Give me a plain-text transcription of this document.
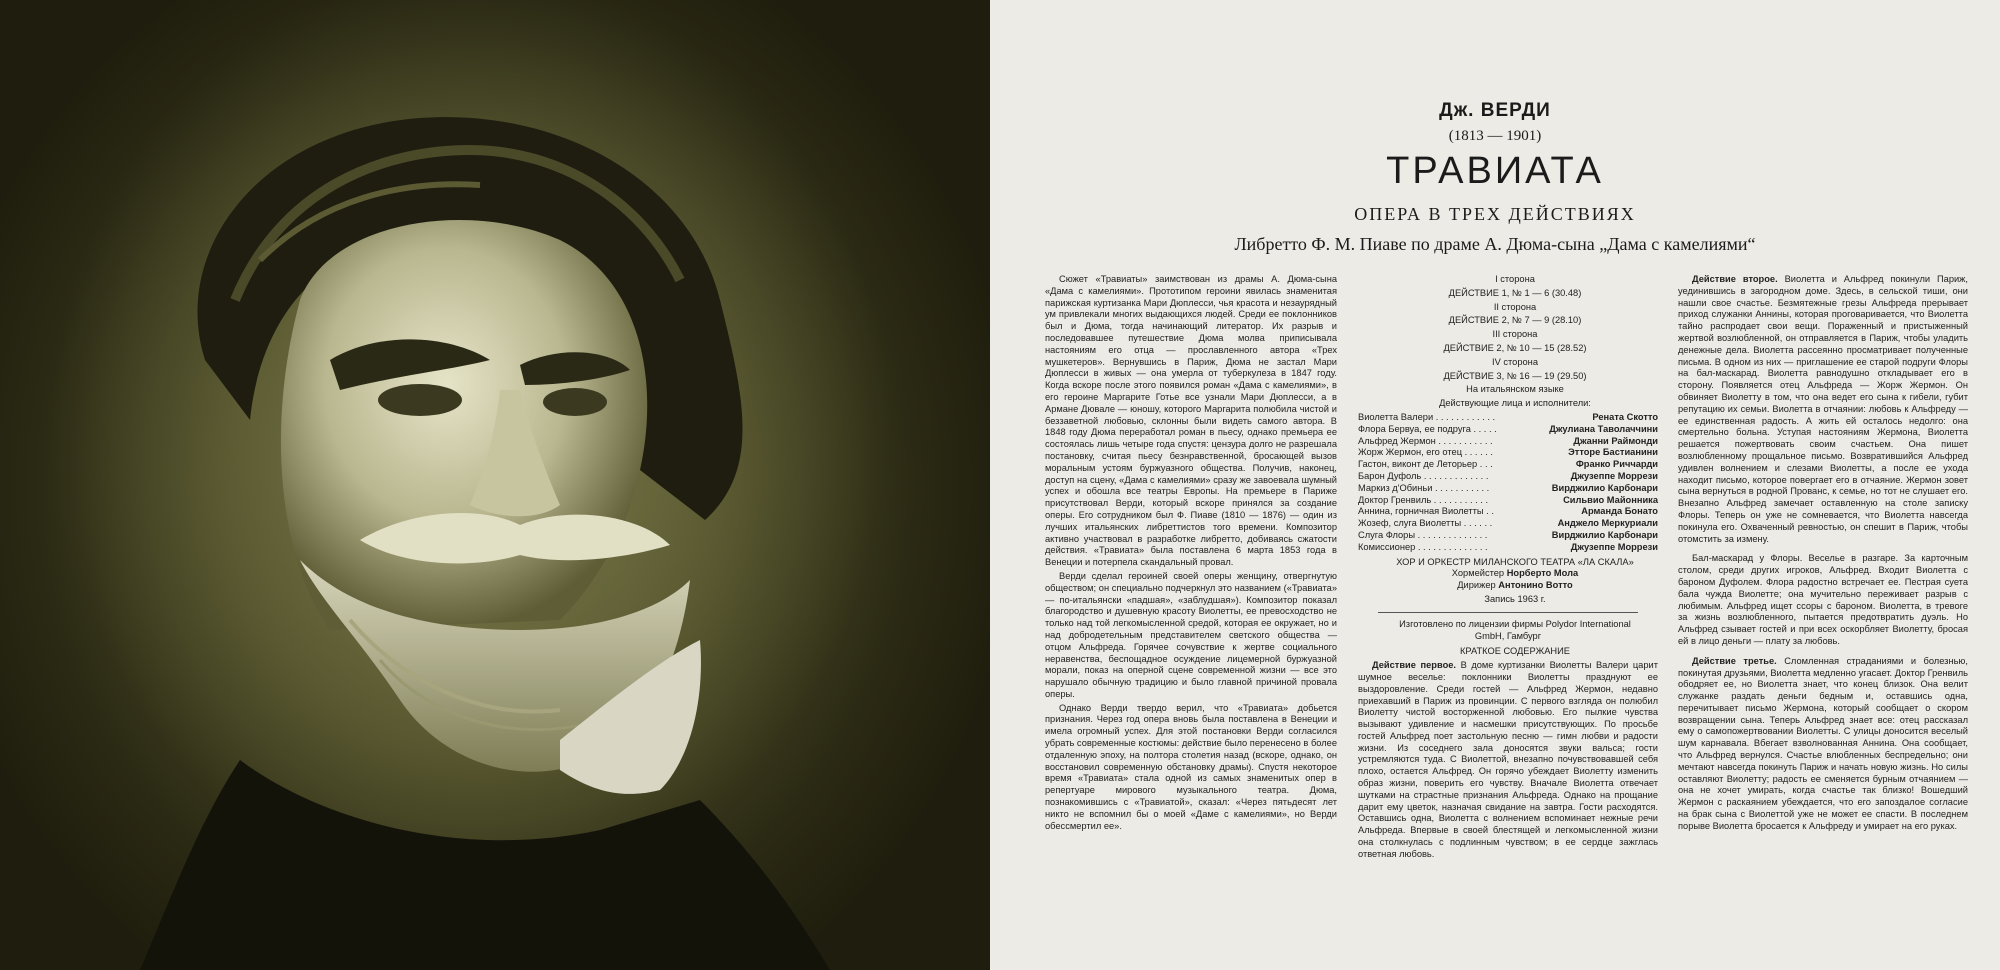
Дж. ВЕРДИ
(1813 — 1901)
ТРАВИАТА
ОПЕРА В ТРЕХ ДЕЙСТВИЯХ
Либретто Ф. М. Пиаве по драме А. Дюма-сына „Дама с камелиями“

Сюжет «Травиаты» заимствован из драмы А. Дюма-сына «Дама с камелиями». Прототипом героини явилась знаменитая парижская куртизанка Мари Дюплесси, чья красота и незаурядный ум привлекали многих выдающихся людей. Среди ее поклонников был и Дюма, тогда начинающий литератор. Их разрыв и последовавшее путешествие Дюма молва приписывала настояниям его отца — прославленного автора «Трех мушкетеров». Вернувшись в Париж, Дюма не застал Мари Дюплесси в живых — она умерла от туберкулеза в 1847 году. Когда вскоре после этого появился роман «Дама с камелиями», в его героине Маргарите Готье все узнали Мари Дюплесси, а в Армане Дювале — юношу, которого Маргарита полюбила чистой и беззаветной любовью, склонны были видеть самого автора. В 1848 году Дюма переработал роман в пьесу, однако премьера ее состоялась лишь четыре года спустя: цензура долго не разрешала постановку, считая пьесу безнравственной, бросающей вызов моральным устоям буржуазного общества. Получив, наконец, доступ на сцену, «Дама с камелиями» сразу же завоевала шумный успех и обошла все театры Европы. На премьере в Париже присутствовал Верди, который вскоре принялся за создание оперы. Его сотрудником был Ф. Пиаве (1810 — 1876) — один из лучших итальянских либреттистов того времени. Композитор активно участвовал в разработке либретто, добиваясь сжатости действия. «Травиата» была поставлена 6 марта 1853 года в Венеции и потерпела скандальный провал.

Верди сделал героиней своей оперы женщину, отвергнутую обществом; он специально подчеркнул это названием («Травиата» — по-итальянски «падшая», «заблудшая»). Композитор показал благородство и душевную красоту Виолетты, ее превосходство не только над той легкомысленной средой, которая ее окружает, но и над добродетельным представителем светского общества — отцом Альфреда. Горячее сочувствие к жертве социального неравенства, беспощадное осуждение лицемерной буржуазной морали, показ на оперной сцене современной жизни — все это нарушало обычную традицию и было главной причиной провала оперы.

Однако Верди твердо верил, что «Травиата» добьется признания. Через год опера вновь была поставлена в Венеции и имела огромный успех. Для этой постановки Верди согласился убрать современные костюмы: действие было перенесено в более отдаленную эпоху, на полтора столетия назад (вскоре, однако, он восстановил современную обстановку драмы). Спустя некоторое время «Травиата» стала одной из самых знаменитых опер в репертуаре мирового музыкального театра. Дюма, познакомившись с «Травиатой», сказал: «Через пятьдесят лет никто не вспомнил бы о моей «Даме с камелиями», но Верди обессмертил ее».

I сторона

ДЕЙСТВИЕ 1, № 1 — 6 (30.48)

II сторона

ДЕЙСТВИЕ 2, № 7 — 9 (28.10)

III сторона

ДЕЙСТВИЕ 2, № 10 — 15 (28.52)

IV сторона

ДЕЙСТВИЕ 3, № 16 — 19 (29.50)

На итальянском языке

Действующие лица и исполнители:

Виолетта Валери . . . . . . . . . . . .	Рената Скотто
Флора Бервуа, ее подруга . . . . .	Джулиана Таволаччини
Альфред Жермон . . . . . . . . . . .	Джанни Раймонди
Жорж Жермон, его отец . . . . . .	Этторе Бастианини
Гастон, виконт де Леторьер . . .	Франко Риччарди
Барон Дуфоль . . . . . . . . . . . . .	Джузеппе Моррези
Маркиз д'Обиньи . . . . . . . . . . .	Вирджилио Карбонари
Доктор Гренвиль . . . . . . . . . . .	Сильвио Майонника
Аннина, горничная Виолетты . .	Арманда Бонато
Жозеф, слуга Виолетты . . . . . .	Анджело Меркуриали
Слуга Флоры . . . . . . . . . . . . . .	Вирджилио Карбонари
Комиссионер . . . . . . . . . . . . . .	Джузеппе Моррези

ХОР И ОРКЕСТР МИЛАНСКОГО ТЕАТРА «ЛА СКАЛА»

Хормейстер Норберто Мола

Дирижер Антонино Вотто

Запись 1963 г.

Изготовлено по лицензии фирмы Polydor International GmbH, Гамбург

КРАТКОЕ СОДЕРЖАНИЕ

Действие первое. В доме куртизанки Виолетты Валери царит шумное веселье: поклонники Виолетты празднуют ее выздоровление. Среди гостей — Альфред Жермон, недавно приехавший в Париж из провинции. С первого взгляда он полюбил Виолетту чистой восторженной любовью. Его пылкие чувства вызывают удивление и насмешки присутствующих. По просьбе гостей Альфред поет застольную песню — гимн любви и радости жизни. Из соседнего зала доносятся звуки вальса; гости устремляются туда. С Виолеттой, внезапно почувствовавшей себя плохо, остается Альфред. Он горячо убеждает Виолетту изменить образ жизни, поверить его чувству. Вначале Виолетта отвечает шутками на страстные признания Альфреда. Однако на прощание дарит ему цветок, назначая свидание на завтра. Гости расходятся. Оставшись одна, Виолетта с волнением вспоминает нежные речи Альфреда. Впервые в своей блестящей и легкомысленной жизни она столкнулась с подлинным чувством; в ее сердце зажглась ответная любовь.

Действие второе. Виолетта и Альфред покинули Париж, уединившись в загородном доме. Здесь, в сельской тиши, они нашли свое счастье. Безмятежные грезы Альфреда прерывает приход служанки Аннины, которая проговаривается, что Виолетта тайно распродает свои вещи. Пораженный и пристыженный жертвой возлюбленной, он отправляется в Париж, чтобы уладить денежные дела. Виолетта рассеянно просматривает полученные письма. В одном из них — приглашение ее старой подруги Флоры на бал-маскарад. Виолетта равнодушно откладывает его в сторону. Появляется отец Альфреда — Жорж Жермон. Он обвиняет Виолетту в том, что она ведет его сына к гибели, губит репутацию их семьи. Виолетта в отчаянии: любовь к Альфреду — ее единственная радость. А жить ей осталось недолго: она смертельно больна. Уступая настояниям Жермона, Виолетта решается пожертвовать своим счастьем. Она пишет возлюбленному прощальное письмо. Возвратившийся Альфред удивлен волнением и слезами Виолетты, а после ее ухода находит письмо, которое повергает его в отчаяние. Жермон зовет сына вернуться в родной Прованс, к семье, но тот не слушает его. Внезапно Альфред замечает оставленную на столе записку Флоры. Теперь он уже не сомневается, что Виолетта навсегда покинула его. Охваченный ревностью, он спешит в Париж, чтобы отомстить за измену.

Бал-маскарад у Флоры. Веселье в разгаре. За карточным столом, среди других игроков, Альфред. Входит Виолетта с бароном Дуфолем. Флора радостно встречает ее. Пестрая суета бала чужда Виолетте; она мучительно переживает разрыв с любимым. Альфред ищет ссоры с бароном. Виолетта, в тревоге за жизнь возлюбленного, пытается предотвратить дуэль. Но Альфред сзывает гостей и при всех оскорбляет Виолетту, бросая ей в лицо деньги — плату за любовь.

Действие третье. Сломленная страданиями и болезнью, покинутая друзьями, Виолетта медленно угасает. Доктор Гренвиль ободряет ее, но Виолетта знает, что конец близок. Она велит служанке раздать деньги бедным и, оставшись одна, перечитывает письмо Жермона, который сообщает о скором возвращении сына. Теперь Альфред знает все: отец рассказал ему о самопожертвовании Виолетты. С улицы доносится веселый шум карнавала. Вбегает взволнованная Аннина. Она сообщает, что Альфред вернулся. Счастье влюбленных беспредельно; они мечтают навсегда покинуть Париж и начать новую жизнь. Но силы оставляют Виолетту; радость ее сменяется бурным отчаянием — она не хочет умирать, когда счастье так близко! Вошедший Жермон с раскаянием убеждается, что его запоздалое согласие на брак сына с Виолеттой уже не может ее спасти. В последнем порыве Виолетта бросается к Альфреду и умирает на его руках.
